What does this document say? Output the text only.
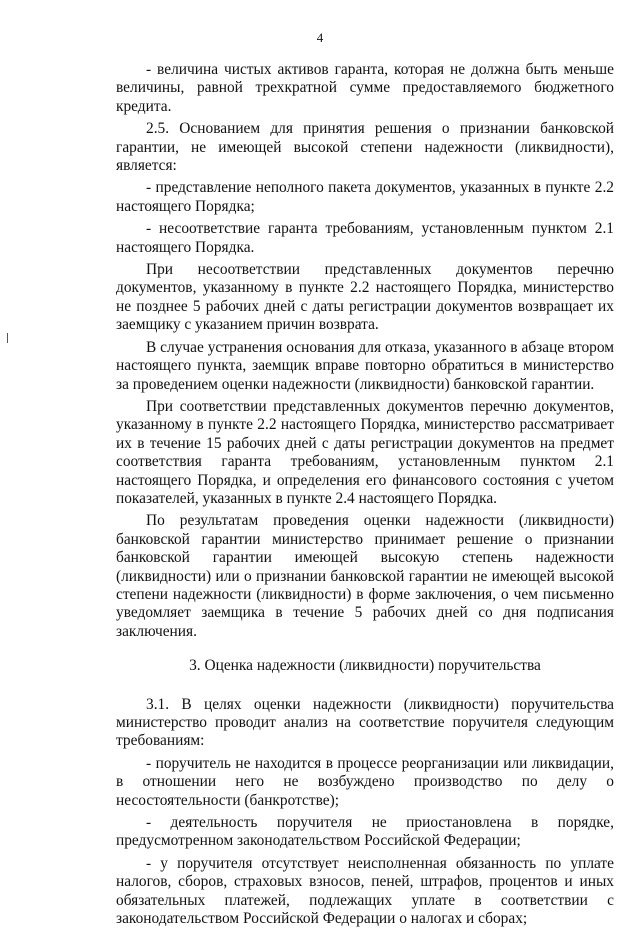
4

- величина чистых активов гаранта, которая не должна быть меньше величины, равной трехкратной сумме предоставляемого бюджетного кредита.

2.5. Основанием для принятия решения о признании банковской гарантии, не имеющей высокой степени надежности (ликвидности), является:

- представление неполного пакета документов, указанных в пункте 2.2 настоящего Порядка;

- несоответствие гаранта требованиям, установленным пунктом 2.1 настоящего Порядка.

При несоответствии представленных документов перечню документов, указанному в пункте 2.2 настоящего Порядка, министерство не позднее 5 рабочих дней с даты регистрации документов возвращает их заемщику с указанием причин возврата.

В случае устранения основания для отказа, указанного в абзаце втором настоящего пункта, заемщик вправе повторно обратиться в министерство за проведением оценки надежности (ликвидности) банковской гарантии.

При соответствии представленных документов перечню документов, указанному в пункте 2.2 настоящего Порядка, министерство рассматривает их в течение 15 рабочих дней с даты регистрации документов на предмет соответствия гаранта требованиям, установленным пунктом 2.1 настоящего Порядка, и определения его финансового состояния с учетом показателей, указанных в пункте 2.4 настоящего Порядка.

По результатам проведения оценки надежности (ликвидности) банковской гарантии министерство принимает решение о признании банковской гарантии имеющей высокую степень надежности (ликвидности) или о признании банковской гарантии не имеющей высокой степени надежности (ликвидности) в форме заключения, о чем письменно уведомляет заемщика в течение 5 рабочих дней со дня подписания заключения.

3. Оценка надежности (ликвидности) поручительства

3.1. В целях оценки надежности (ликвидности) поручительства министерство проводит анализ на соответствие поручителя следующим требованиям:

- поручитель не находится в процессе реорганизации или ликвидации, в отношении него не возбуждено производство по делу о несостоятельности (банкротстве);

- деятельность поручителя не приостановлена в порядке, предусмотренном законодательством Российской Федерации;

- у поручителя отсутствует неисполненная обязанность по уплате налогов, сборов, страховых взносов, пеней, штрафов, процентов и иных обязательных платежей, подлежащих уплате в соответствии с законодательством Российской Федерации о налогах и сборах;
